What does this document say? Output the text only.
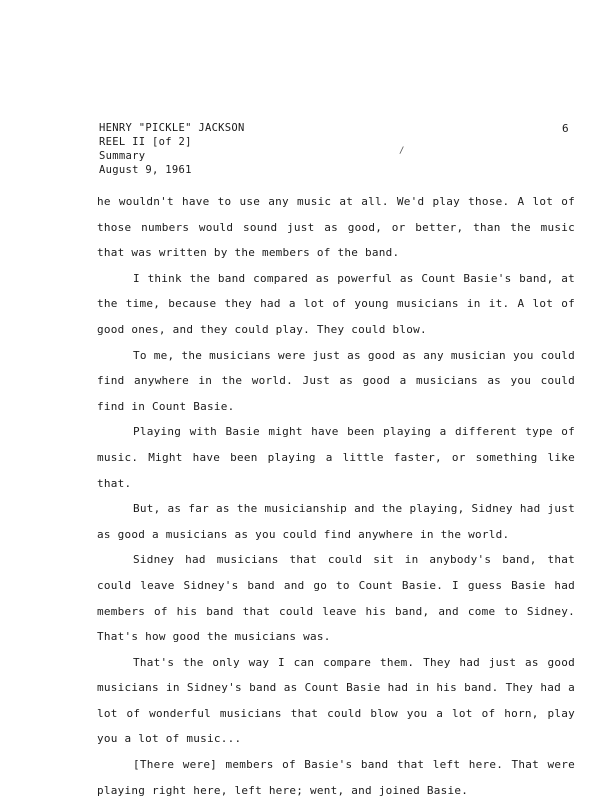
HENRY "PICKLE" JACKSON
REEL II [of 2]
Summary
August 9, 1961
6
/

he wouldn't have to use any music at all. We'd play those. A lot of those numbers would sound just as good, or better, than the music that was written by the members of the band.

I think the band compared as powerful as Count Basie's band, at the time, because they had a lot of young musicians in it. A lot of good ones, and they could play. They could blow.

To me, the musicians were just as good as any musician you could find anywhere in the world. Just as good a musicians as you could find in Count Basie.

Playing with Basie might have been playing a different type of music. Might have been playing a little faster, or something like that.

But, as far as the musicianship and the playing, Sidney had just as good a musicians as you could find anywhere in the world.

Sidney had musicians that could sit in anybody's band, that could leave Sidney's band and go to Count Basie. I guess Basie had members of his band that could leave his band, and come to Sidney. That's how good the musicians was.

That's the only way I can compare them. They had just as good musicians in Sidney's band as Count Basie had in his band. They had a lot of wonderful musicians that could blow you a lot of horn, play you a lot of music...

[There were] members of Basie's band that left here. That were playing right here, left here; went, and joined Basie.
